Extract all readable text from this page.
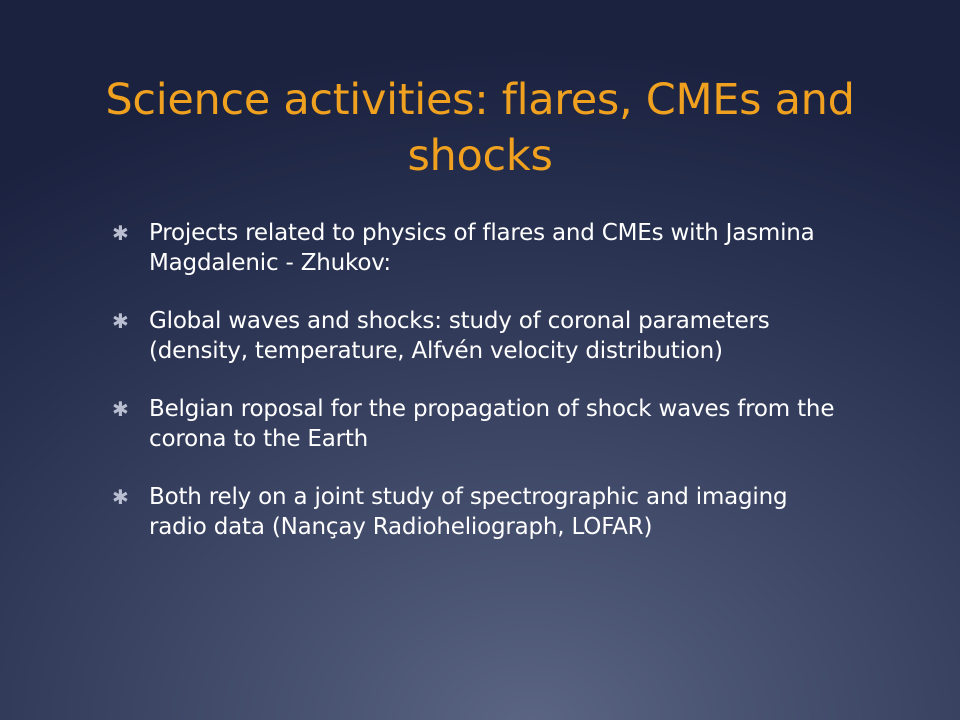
Science activities: flares, CMEs and shocks
✱ Projects related to physics of flares and CMEs with Jasmina Magdalenic - Zhukov:
✱ Global waves and shocks: study of coronal parameters (density, temperature, Alfvén velocity distribution)
✱ Belgian roposal for the propagation of shock waves from the corona to the Earth
✱ Both rely on a joint study of spectrographic and imaging radio data (Nançay Radioheliograph, LOFAR)
